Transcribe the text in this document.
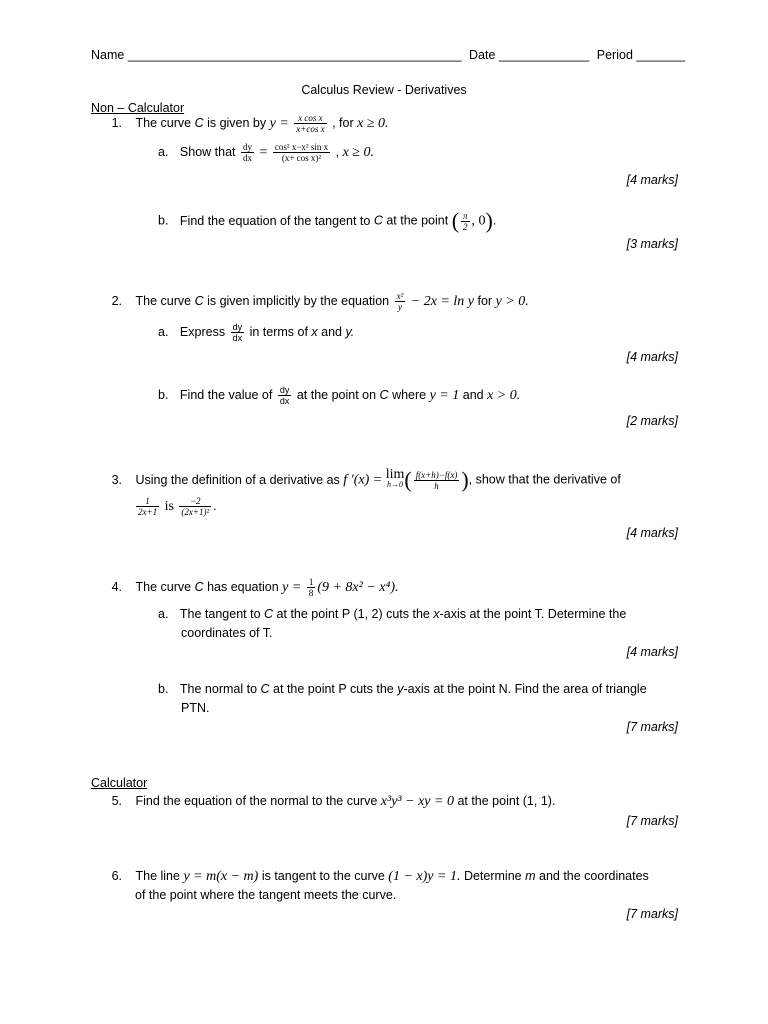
Name ________________________________________________ Date _____________ Period _______
Calculus Review - Derivatives
Non – Calculator
1. The curve C is given by $y = \frac{\text{x cos x}}{\text{x+cos x}}$ , for x ≥ 0.
a. Show that $\frac{dy}{dx} = \frac{\text{cos² x−x² sin x}}{\text{(x+ cos x)²}}$ , x ≥ 0.
[4 marks]
b. Find the equation of the tangent to C at the point ( $\frac{\pi}{2}$ , 0).
[3 marks]
2. The curve C is given implicitly by the equation $\frac{\text{x²}}{y} - 2x = \ln y$ for y > 0.
a. Express $\frac{dy}{dx}$ in terms of x and y.
[4 marks]
b. Find the value of $\frac{dy}{dx}$ at the point on C where y = 1 and x > 0.
[2 marks]
3. Using the definition of a derivative as f ′(x) = lim
h→0 ( $\frac{f(x+h)-f(x)}{h}$ ), show that the derivative of
$\frac{1}{2x+1}$ is $\frac{-2}{\text{(2x+1)²}}$ .
[4 marks]
4. The curve C has equation $y = \frac{1}{8} (9 + 8x^2 - x^4)$.
a. The tangent to C at the point P (1, 2) cuts the x-axis at the point T. Determine the
coordinates of T.
[4 marks]
b. The normal to C at the point P cuts the y-axis at the point N. Find the area of triangle
PTN.
[7 marks]
Calculator
5. Find the equation of the normal to the curve x³y³ − xy = 0 at the point (1, 1).
[7 marks]
6. The line y = m(x − m) is tangent to the curve (1 − x)y = 1. Determine m and the coordinates
of the point where the tangent meets the curve.
[7 marks]
